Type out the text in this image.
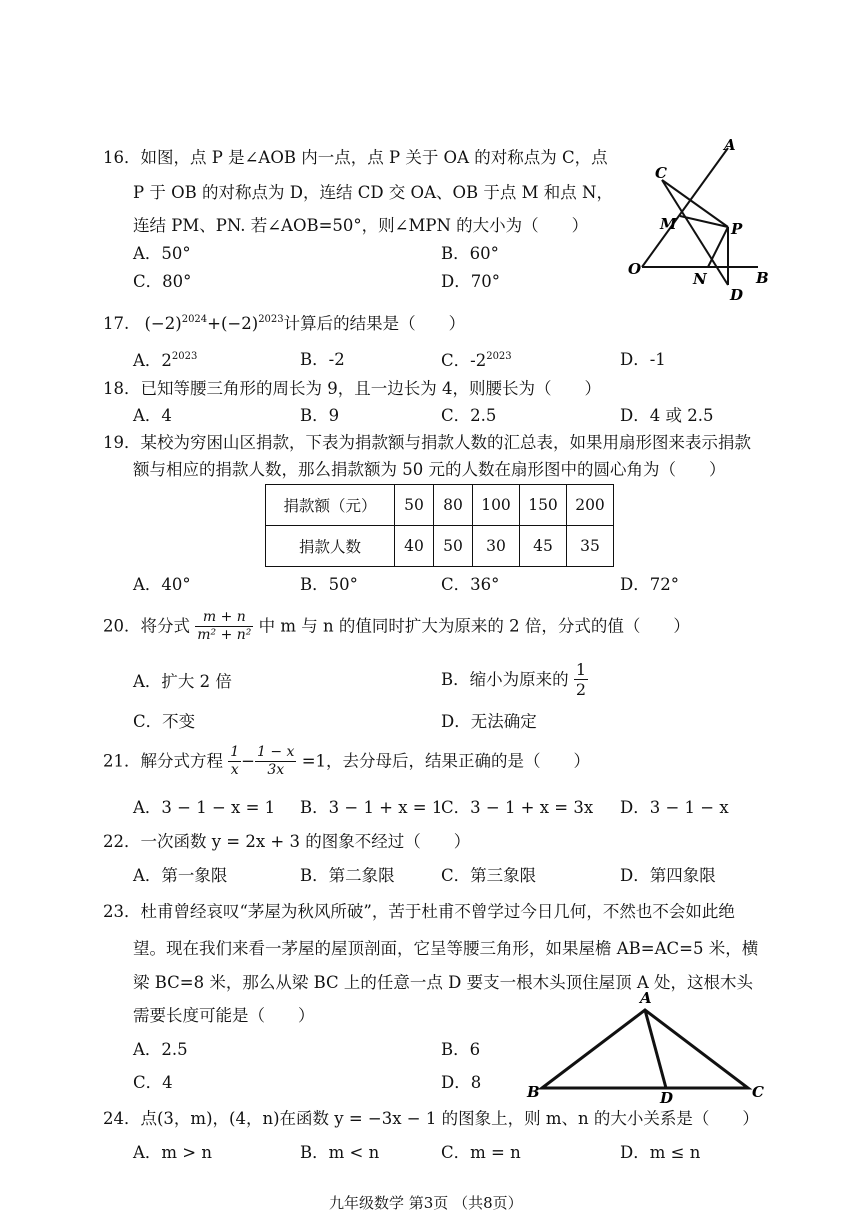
16．如图，点 P 是∠AOB 内一点，点 P 关于 OA 的对称点为 C，点
P 于 OB 的对称点为 D，连结 CD 交 OA、OB 于点 M 和点 N，
连结 PM、PN. 若∠AOB=50°，则∠MPN 的大小为（　　）
A．50°	B．60°
C．80°	D．70°
A
C
M	P
O
N	B
D
17. $(-2)^{2024}+(-2)^{2023}$计算后的结果是（　　）
A．$2^{2023}$	B．-2	C．$-2^{2023}$	D．-1
18．已知等腰三角形的周长为 9，且一边长为 4，则腰长为（　　）
A．4	B．9	C．2.5	D．4 或 2.5
19．某校为穷困山区捐款，下表为捐款额与捐款人数的汇总表，如果用扇形图来表示捐款
额与相应的捐款人数，那么捐款额为 50 元的人数在扇形图中的圆心角为（　　）
捐款额（元）	50	80	100	150	200
捐款人数	40	50	30	45	35
A．40°	B．50°	C．36°	D．72°
20．将分式 $\frac{m + n}{\text{m² + n²}}$ 中 m 与 n 的值同时扩大为原来的 2 倍，分式的值（　　）
A．扩大 2 倍	B．缩小为原来的 $\frac{1}{2}$
C．不变	D．无法确定
21．解分式方程 $\frac{1}{x} - \frac{1 - x}{3x} =1$，去分母后，结果正确的是（　　）
A．3 − 1 − x = 1 B．3 − 1 + x = 1
C．3 − 1 + x = 3x D．3 − 1 − x
22．一次函数 y = 2x + 3 的图象不经过（　　）
A．第一象限	B．第二象限	C．第三象限	D．第四象限
23．杜甫曾经哀叹“茅屋为秋风所破”，苦于杜甫不曾学过今日几何，不然也不会如此绝
望。现在我们来看一茅屋的屋顶剖面，它呈等腰三角形，如果屋檐 AB=AC=5 米，横
梁 BC=8 米，那么从梁 BC 上的任意一点 D 要支一根木头顶住屋顶 A 处，这根木头
需要长度可能是（　　）
A．2.5	B．6
C．4	D．8
A
B	C
D
24．点(3，m)，(4，n)在函数 y = −3x − 1 的图象上，则 m、n 的大小关系是（　　）
A．m > n	B．m < n	C．m = n	D．m ≤ n
九年级数学 第3页 （共8页）
